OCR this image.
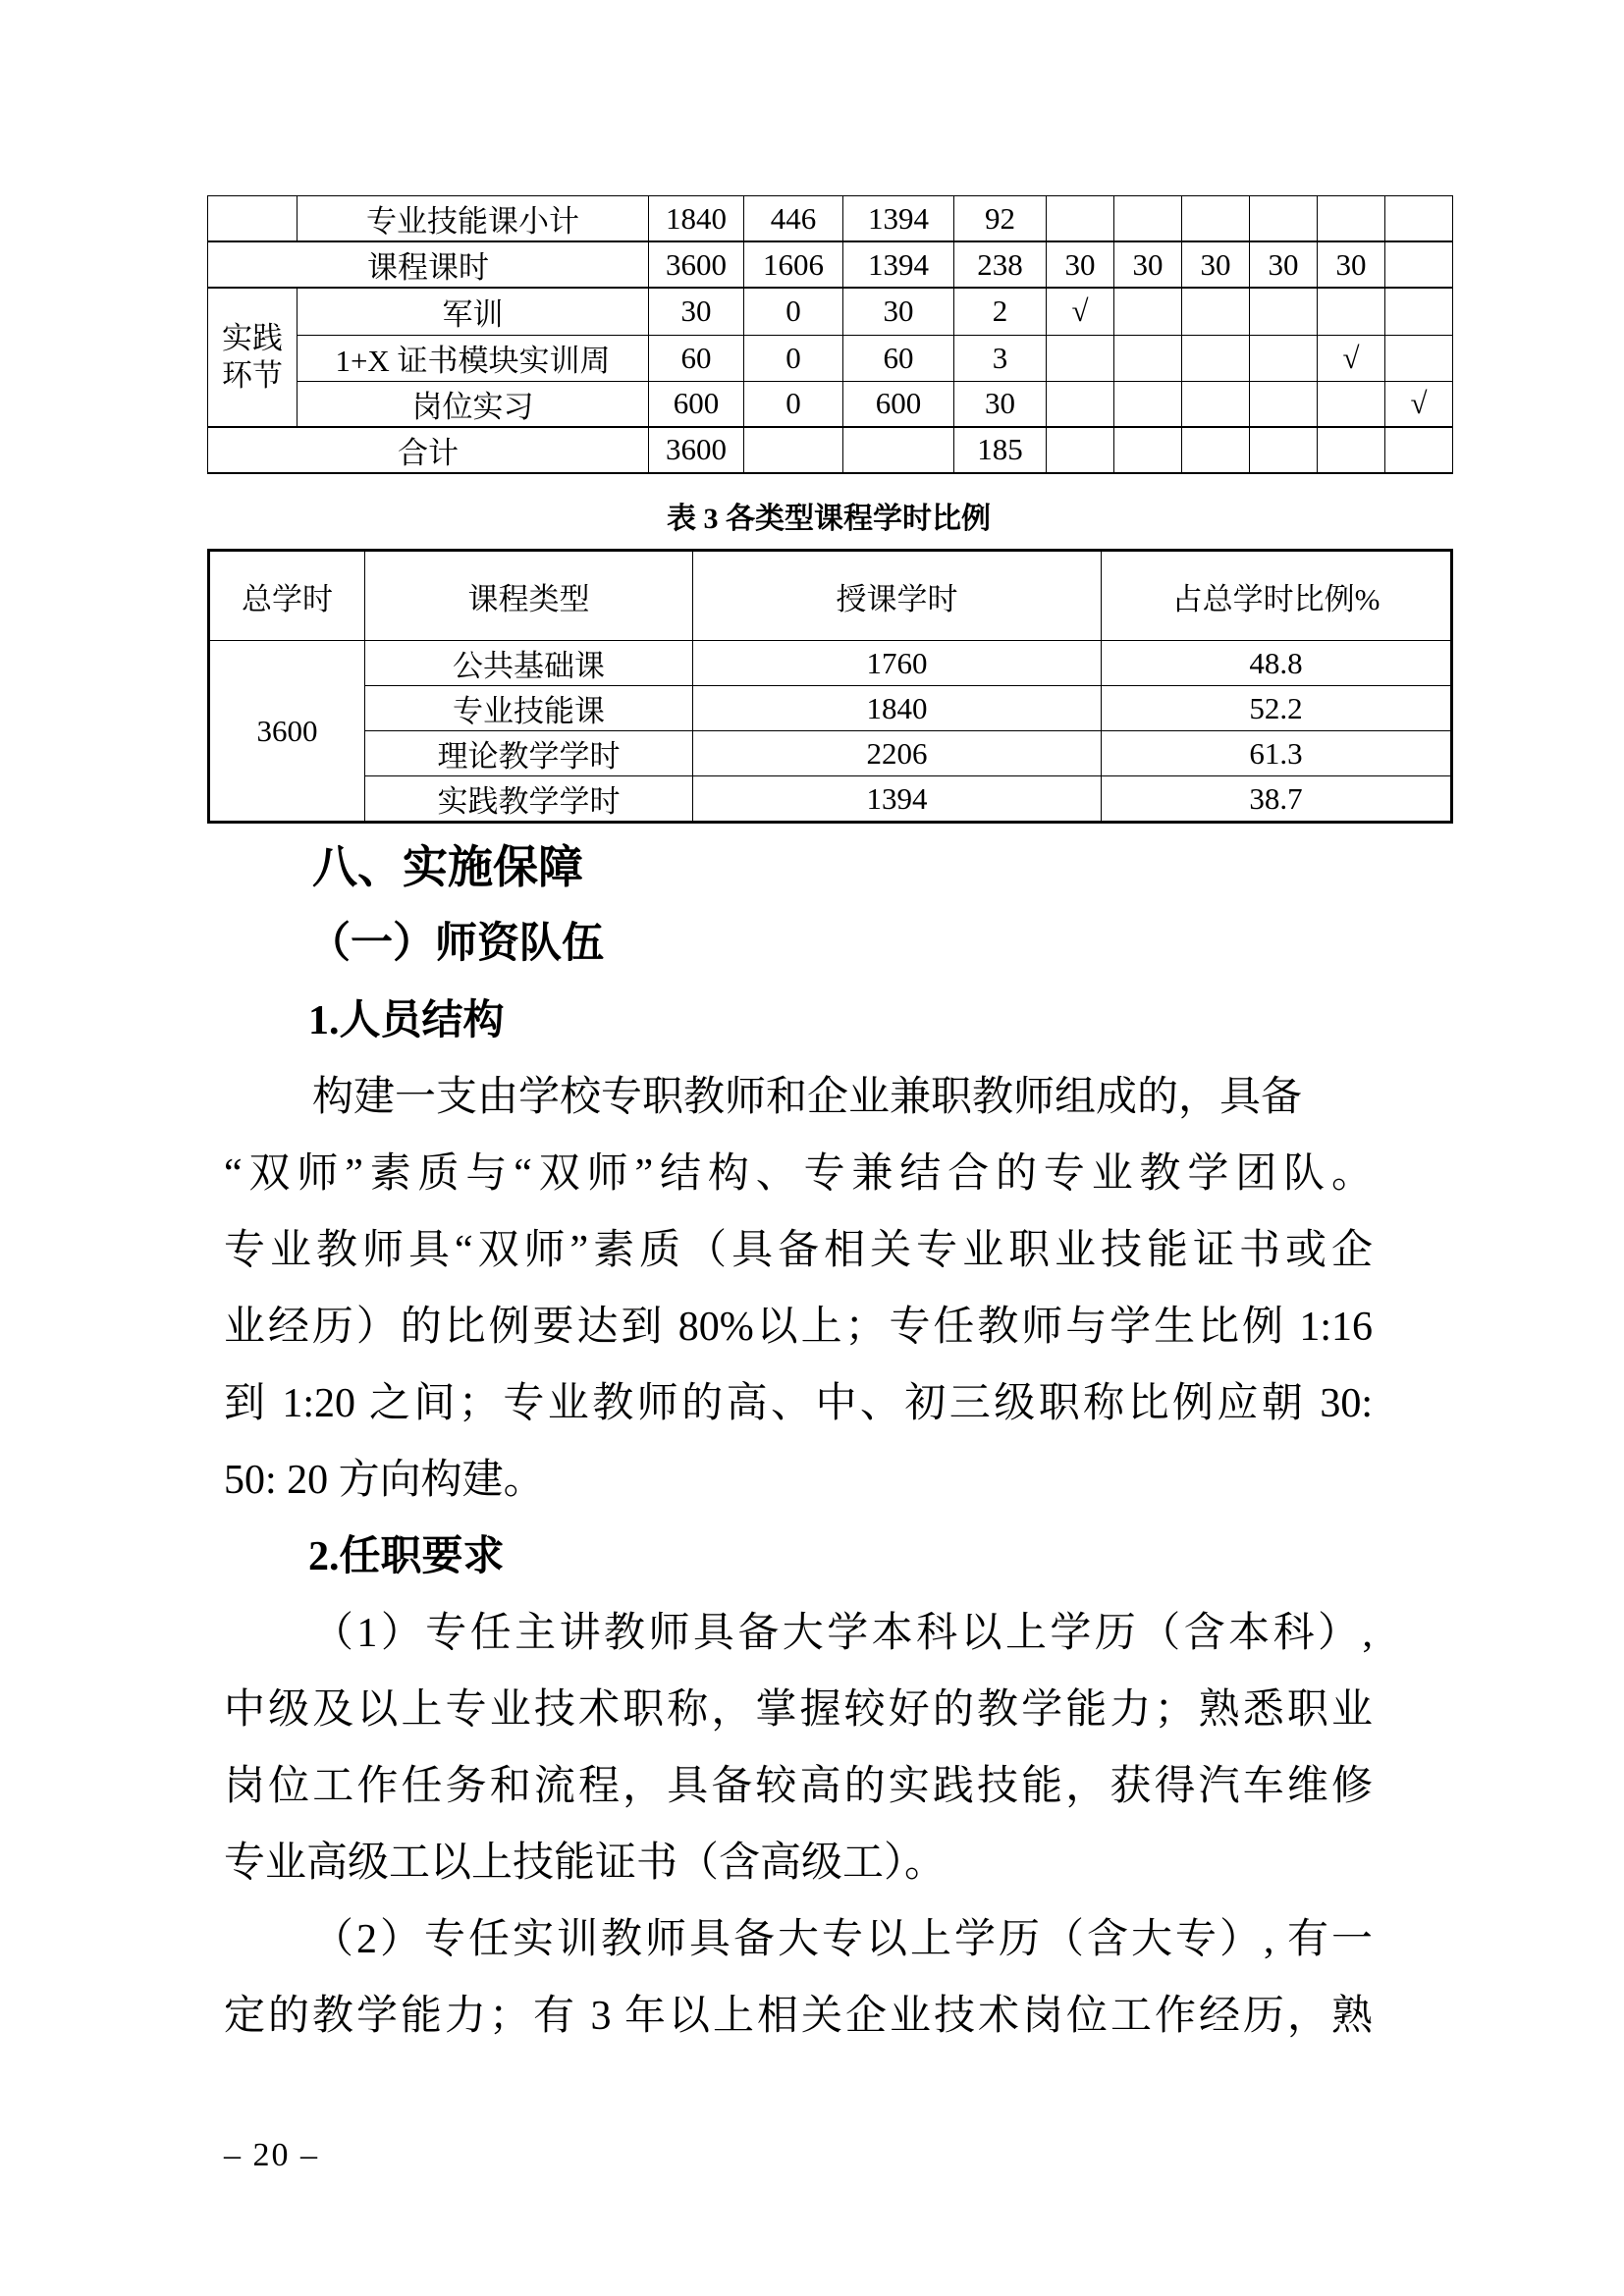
	专业技能课小计	1840	446	1394	92						
课程课时		3600	1606	1394	238	30	30	30	30	30	
实践环节	军训	30	0	30	2	√					
	1+X 证书模块实训周	60	0	60	3					√	
	岗位实习	600	0	600	30						√
合计		3600			185						
表 3 各类型课程学时比例
总学时	课程类型	授课学时	占总学时比例%
3600	公共基础课	1760	48.8
	专业技能课	1840	52.2
	理论教学学时	2206	61.3
	实践教学学时	1394	38.7
八、实施保障
（一）师资队伍
1.人员结构
构建一支由学校专职教师和企业兼职教师组成的，具备
“双师”素质与“双师”结构、专兼结合的专业教学团队。
专业教师具“双师”素质（具备相关专业职业技能证书或企
业经历）的比例要达到 80%以上；专任教师与学生比例 1:16
到 1:20 之间；专业教师的高、中、初三级职称比例应朝 30:
50: 20 方向构建。
2.任职要求
（1）专任主讲教师具备大学本科以上学历（含本科）,
中级及以上专业技术职称，掌握较好的教学能力；熟悉职业
岗位工作任务和流程，具备较高的实践技能，获得汽车维修
专业高级工以上技能证书（含高级工）。
（2）专任实训教师具备大专以上学历（含大专）, 有一
定的教学能力；有 3 年以上相关企业技术岗位工作经历，熟
– 20 –
